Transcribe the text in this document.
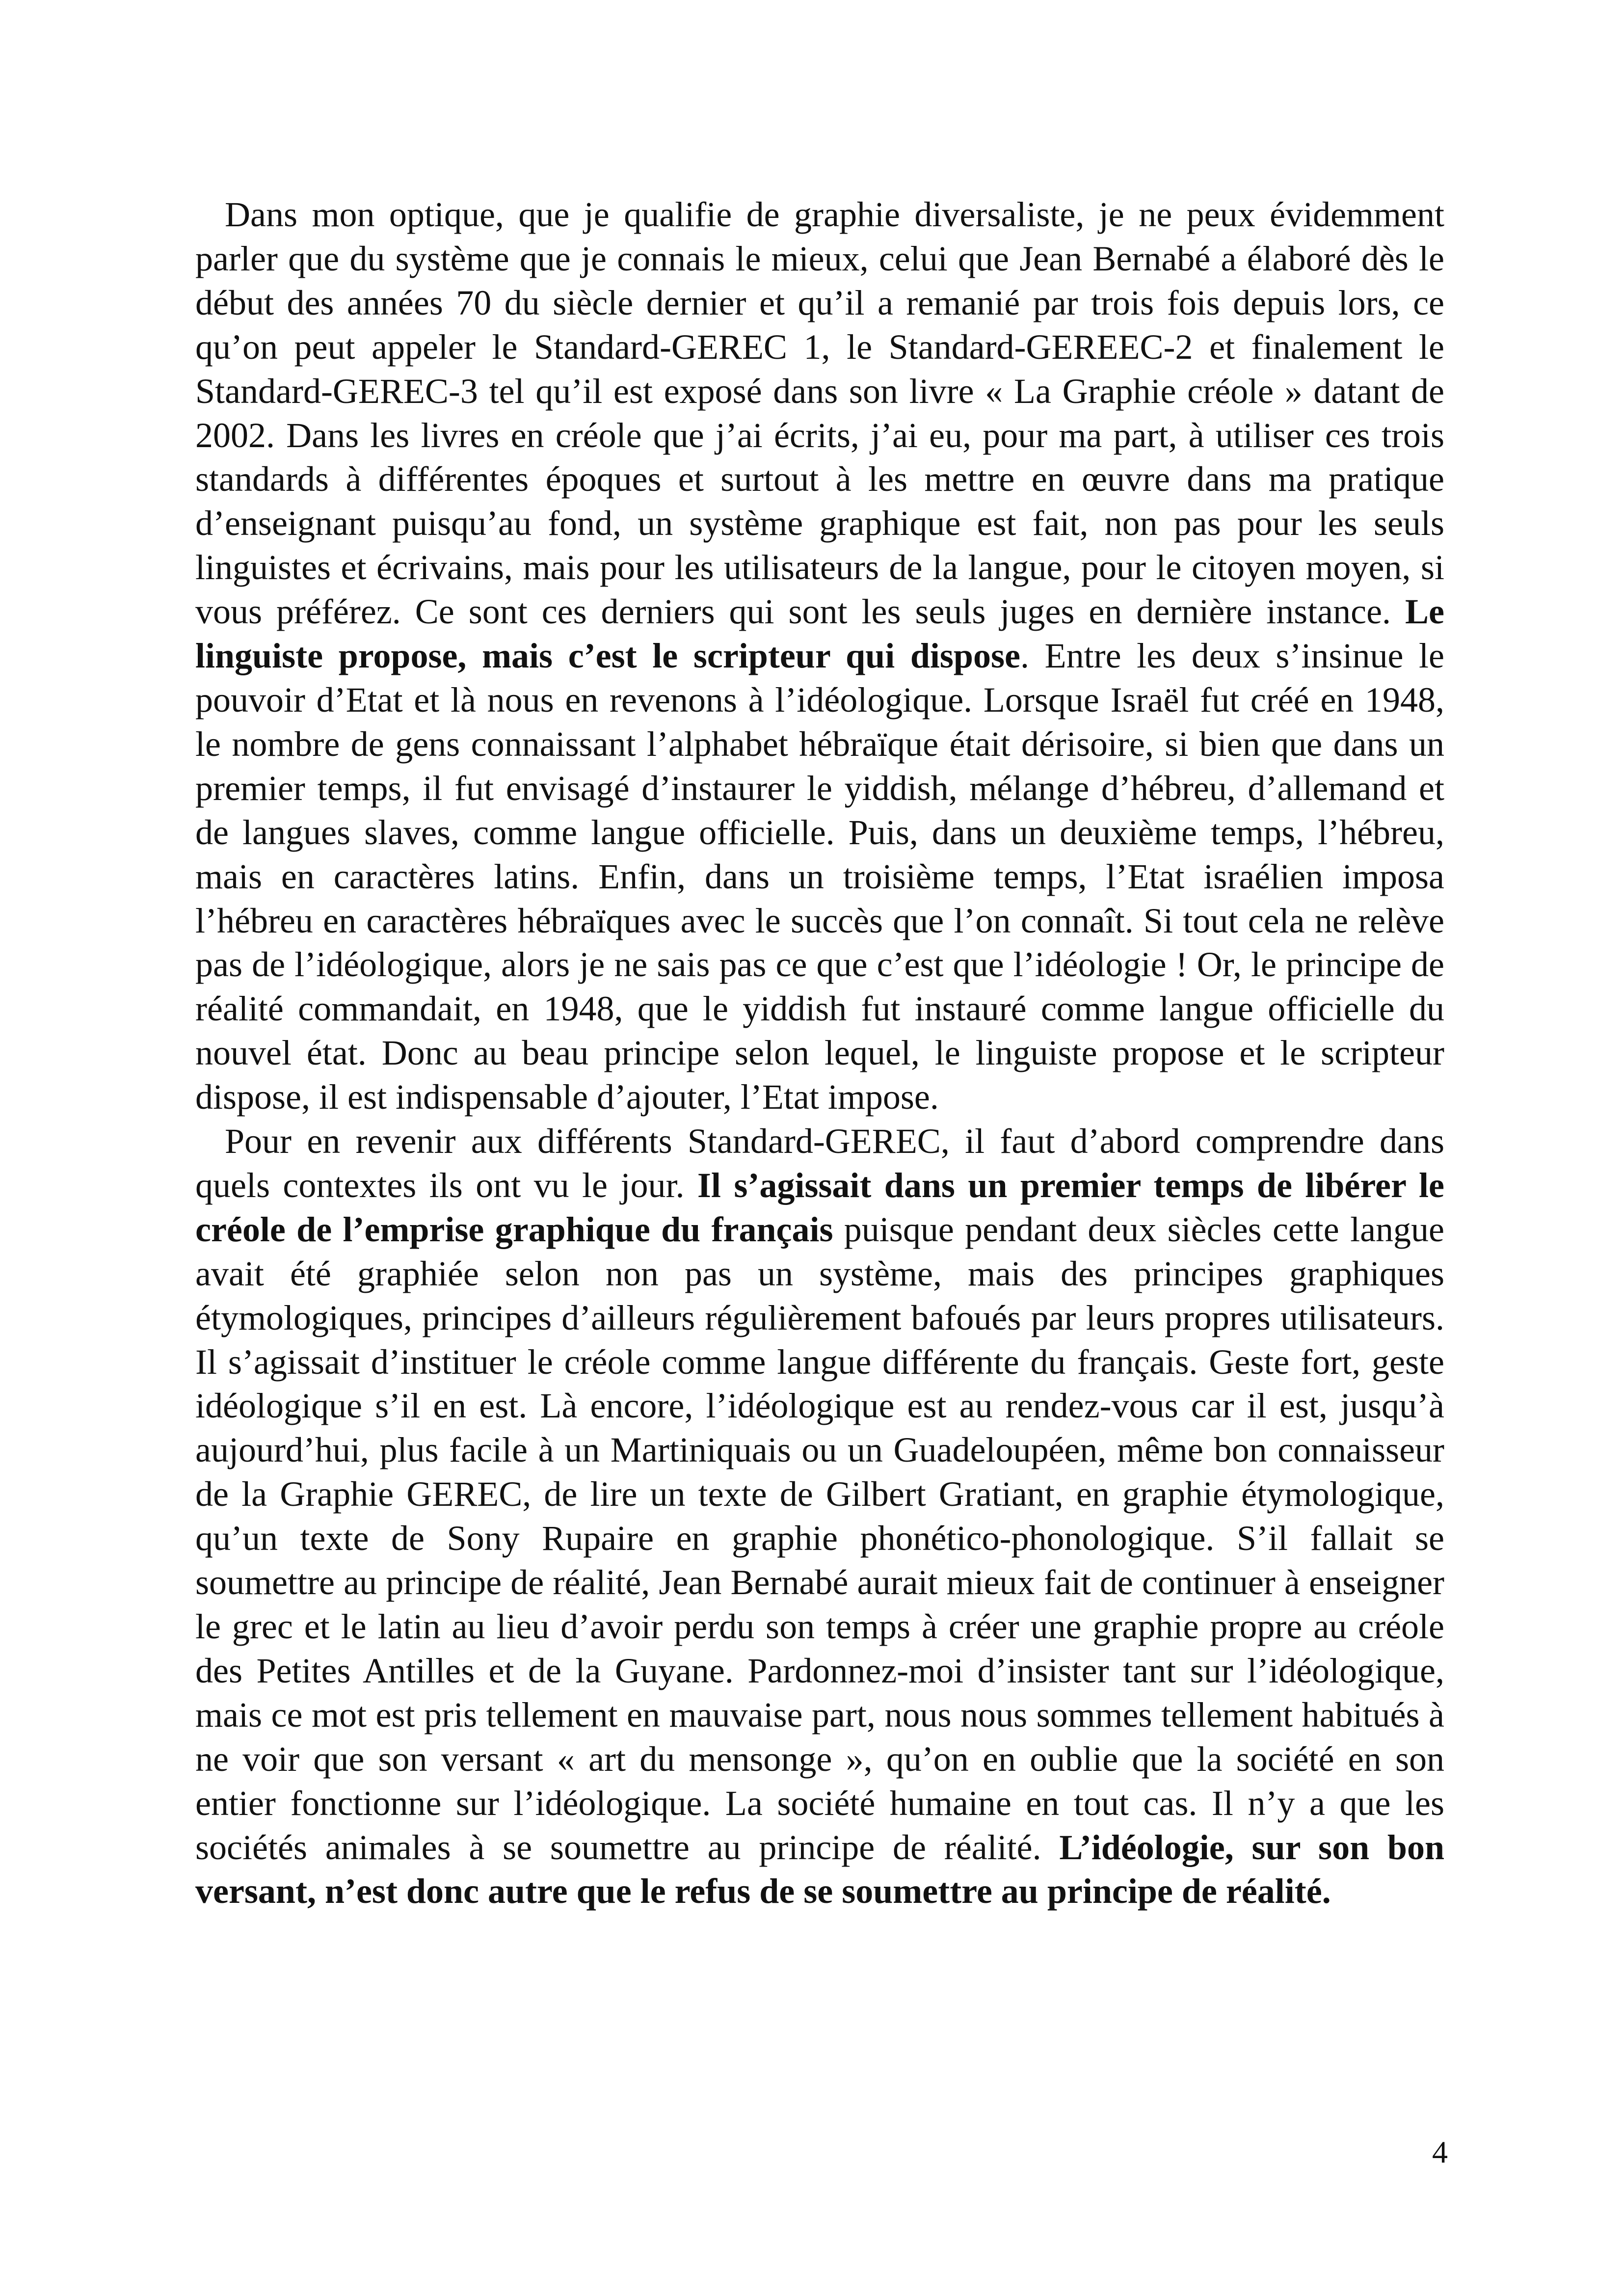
Dans mon optique, que je qualifie de graphie diversaliste, je ne peux évidemment parler que du système que je connais le mieux, celui que Jean Bernabé a élaboré dès le début des années 70 du siècle dernier et qu’il a remanié par trois fois depuis lors, ce qu’on peut appeler le Standard-GEREC 1, le Standard-GEREEC-2 et finalement le Standard-GEREC-3 tel qu’il est exposé dans son livre « La Graphie créole » datant de 2002. Dans les livres en créole que j’ai écrits, j’ai eu, pour ma part, à utiliser ces trois standards à différentes époques et surtout à les mettre en œuvre dans ma pratique d’enseignant puisqu’au fond, un système graphique est fait, non pas pour les seuls linguistes et écrivains, mais pour les utilisateurs de la langue, pour le citoyen moyen, si vous préférez. Ce sont ces derniers qui sont les seuls juges en dernière instance. Le linguiste propose, mais c’est le scripteur qui dispose. Entre les deux s’insinue le pouvoir d’Etat et là nous en revenons à l’idéologique. Lorsque Israël fut créé en 1948, le nombre de gens connaissant l’alphabet hébraïque était dérisoire, si bien que dans un premier temps, il fut envisagé d’instaurer le yiddish, mélange d’hébreu, d’allemand et de langues slaves, comme langue officielle. Puis, dans un deuxième temps, l’hébreu, mais en caractères latins. Enfin, dans un troisième temps, l’Etat israélien imposa l’hébreu en caractères hébraïques avec le succès que l’on connaît. Si tout cela ne relève pas de l’idéologique, alors je ne sais pas ce que c’est que l’idéologie ! Or, le principe de réalité commandait, en 1948, que le yiddish fut instauré comme langue officielle du nouvel état. Donc au beau principe selon lequel, le linguiste propose et le scripteur dispose, il est indispensable d’ajouter, l’Etat impose.

Pour en revenir aux différents Standard-GEREC, il faut d’abord comprendre dans quels contextes ils ont vu le jour. Il s’agissait dans un premier temps de libérer le créole de l’emprise graphique du français puisque pendant deux siècles cette langue avait été graphiée selon non pas un système, mais des principes graphiques étymologiques, principes d’ailleurs régulièrement bafoués par leurs propres utilisateurs. Il s’agissait d’instituer le créole comme langue différente du français. Geste fort, geste idéologique s’il en est. Là encore, l’idéologique est au rendez-vous car il est, jusqu’à aujourd’hui, plus facile à un Martiniquais ou un Guadeloupéen, même bon connaisseur de la Graphie GEREC, de lire un texte de Gilbert Gratiant, en graphie étymologique, qu’un texte de Sony Rupaire en graphie phonético-phonologique. S’il fallait se soumettre au principe de réalité, Jean Bernabé aurait mieux fait de continuer à enseigner le grec et le latin au lieu d’avoir perdu son temps à créer une graphie propre au créole des Petites Antilles et de la Guyane. Pardonnez-moi d’insister tant sur l’idéologique, mais ce mot est pris tellement en mauvaise part, nous nous sommes tellement habitués à ne voir que son versant « art du mensonge », qu’on en oublie que la société en son entier fonctionne sur l’idéologique. La société humaine en tout cas. Il n’y a que les sociétés animales à se soumettre au principe de réalité. L’idéologie, sur son bon versant, n’est donc autre que le refus de se soumettre au principe de réalité.

4
